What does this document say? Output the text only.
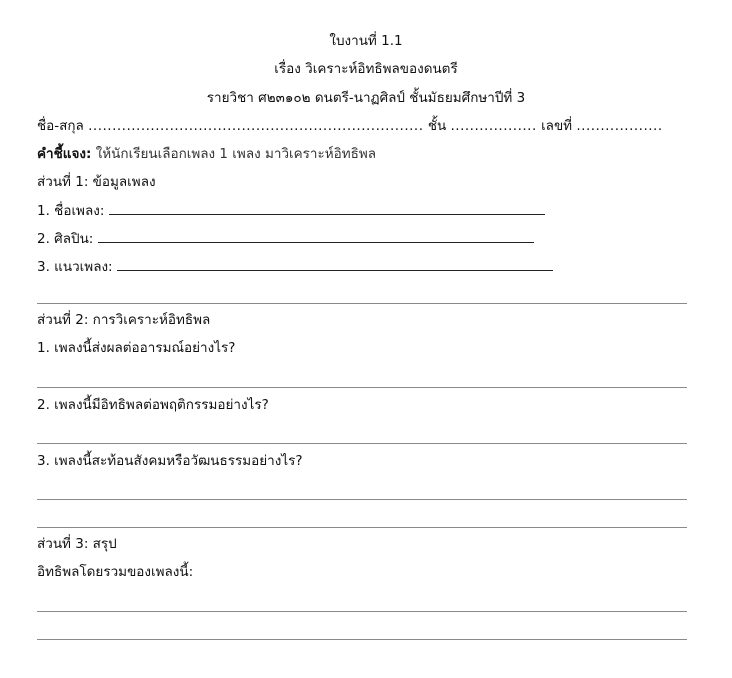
ใบงานที่ 1.1
เรื่อง วิเคราะห์อิทธิพลของดนตรี
รายวิชา ศ๒๓๑๐๒ ดนตรี-นาฏศิลป์ ชั้นมัธยมศึกษาปีที่ 3
ชื่อ-สกุล ...................................................................... ชั้น .................. เลขที่ ..................
คำชี้แจง: ให้นักเรียนเลือกเพลง 1 เพลง มาวิเคราะห์อิทธิพล
ส่วนที่ 1: ข้อมูลเพลง
1. ชื่อเพลง:
2. ศิลปิน:
3. แนวเพลง:
ส่วนที่ 2: การวิเคราะห์อิทธิพล
1. เพลงนี้ส่งผลต่ออารมณ์อย่างไร?
2. เพลงนี้มีอิทธิพลต่อพฤติกรรมอย่างไร?
3. เพลงนี้สะท้อนสังคมหรือวัฒนธรรมอย่างไร?
ส่วนที่ 3: สรุป
อิทธิพลโดยรวมของเพลงนี้:
